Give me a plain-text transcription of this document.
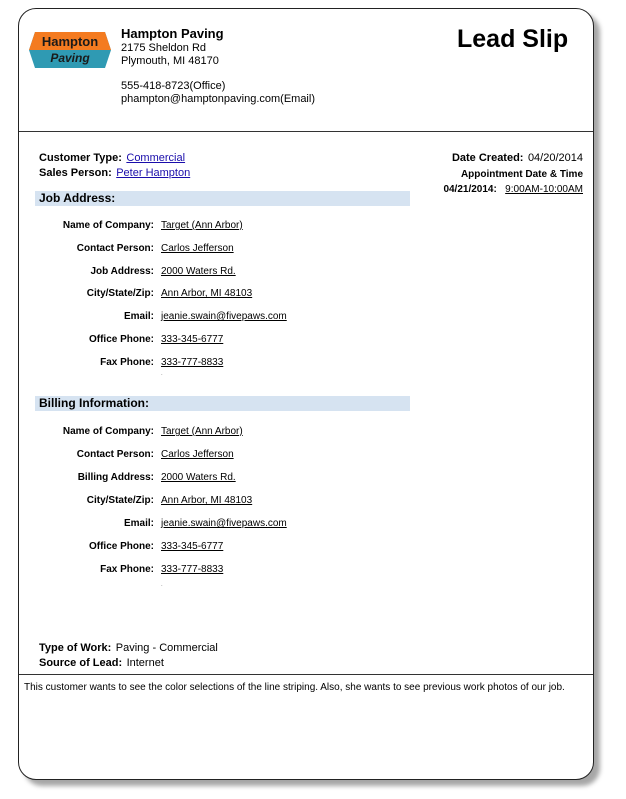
Hampton
Paving
Hampton Paving
2175 Sheldon Rd
Plymouth, MI 48170
555-418-8723(Office)
phampton@hamptonpaving.com(Email)
Lead Slip
Customer Type: Commercial
Sales Person: Peter Hampton
Date Created: 04/20/2014
Appointment Date & Time
04/21/2014: 9:00AM-10:00AM
Job Address:
Name of Company: Target (Ann Arbor)
Contact Person: Carlos Jefferson
Job Address: 2000 Waters Rd.
City/State/Zip: Ann Arbor, MI 48103
Email: jeanie.swain@fivepaws.com
Office Phone: 333-345-6777
Fax Phone: 333-777-8833
.
Billing Information:
Name of Company: Target (Ann Arbor)
Contact Person: Carlos Jefferson
Billing Address: 2000 Waters Rd.
City/State/Zip: Ann Arbor, MI 48103
Email: jeanie.swain@fivepaws.com
Office Phone: 333-345-6777
Fax Phone: 333-777-8833
.
Type of Work: Paving - Commercial
Source of Lead: Internet
This customer wants to see the color selections of the line striping. Also, she wants to see previous work photos of our job.
